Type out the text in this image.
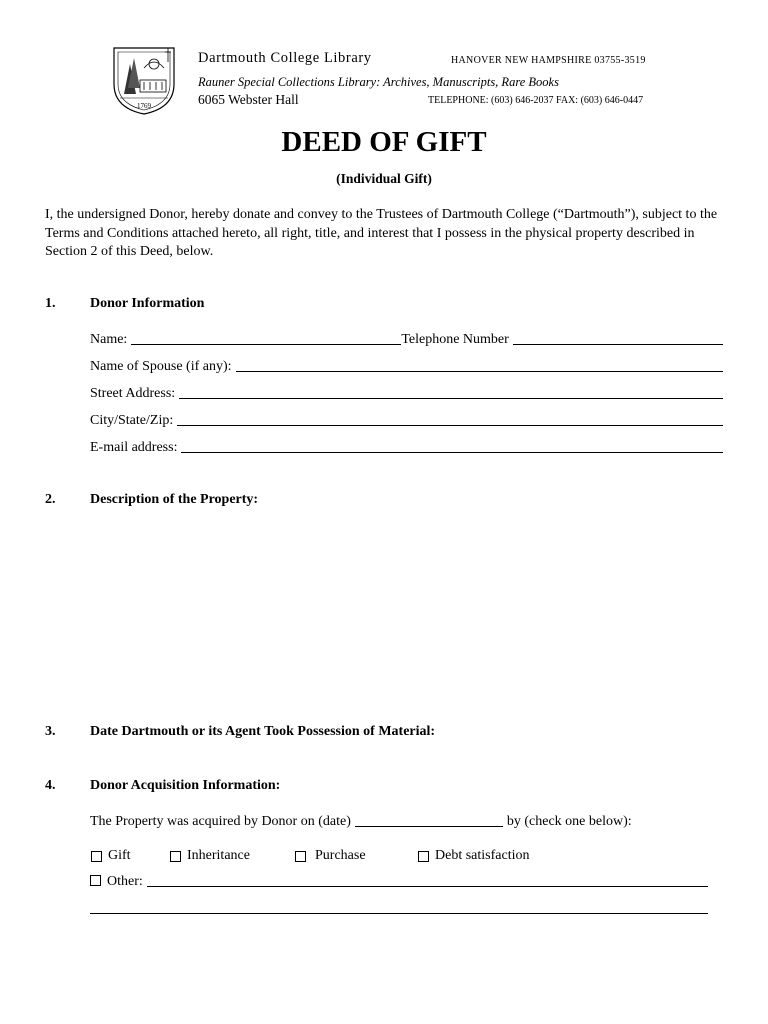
1769
Dartmouth College Library	HANOVER NEW HAMPSHIRE 03755-3519
Rauner Special Collections Library: Archives, Manuscripts, Rare Books
6065 Webster Hall	TELEPHONE: (603) 646-2037 FAX: (603) 646-0447
DEED OF GIFT
(Individual Gift)

I, the undersigned Donor, hereby donate and convey to the Trustees of Dartmouth College (“Dartmouth”), subject to the Terms and Conditions attached hereto, all right, title, and interest that I possess in the physical property described in Section 2 of this Deed, below.

1. Donor Information
Name:	Telephone Number
Name of Spouse (if any):
Street Address:
City/State/Zip:
E-mail address:
2. Description of the Property:
3. Date Dartmouth or its Agent Took Possession of Material:
4. Donor Acquisition Information:
The Property was acquired by Donor on (date)	by (check one below):
Gift	Inheritance	Purchase	Debt satisfaction
Other:
